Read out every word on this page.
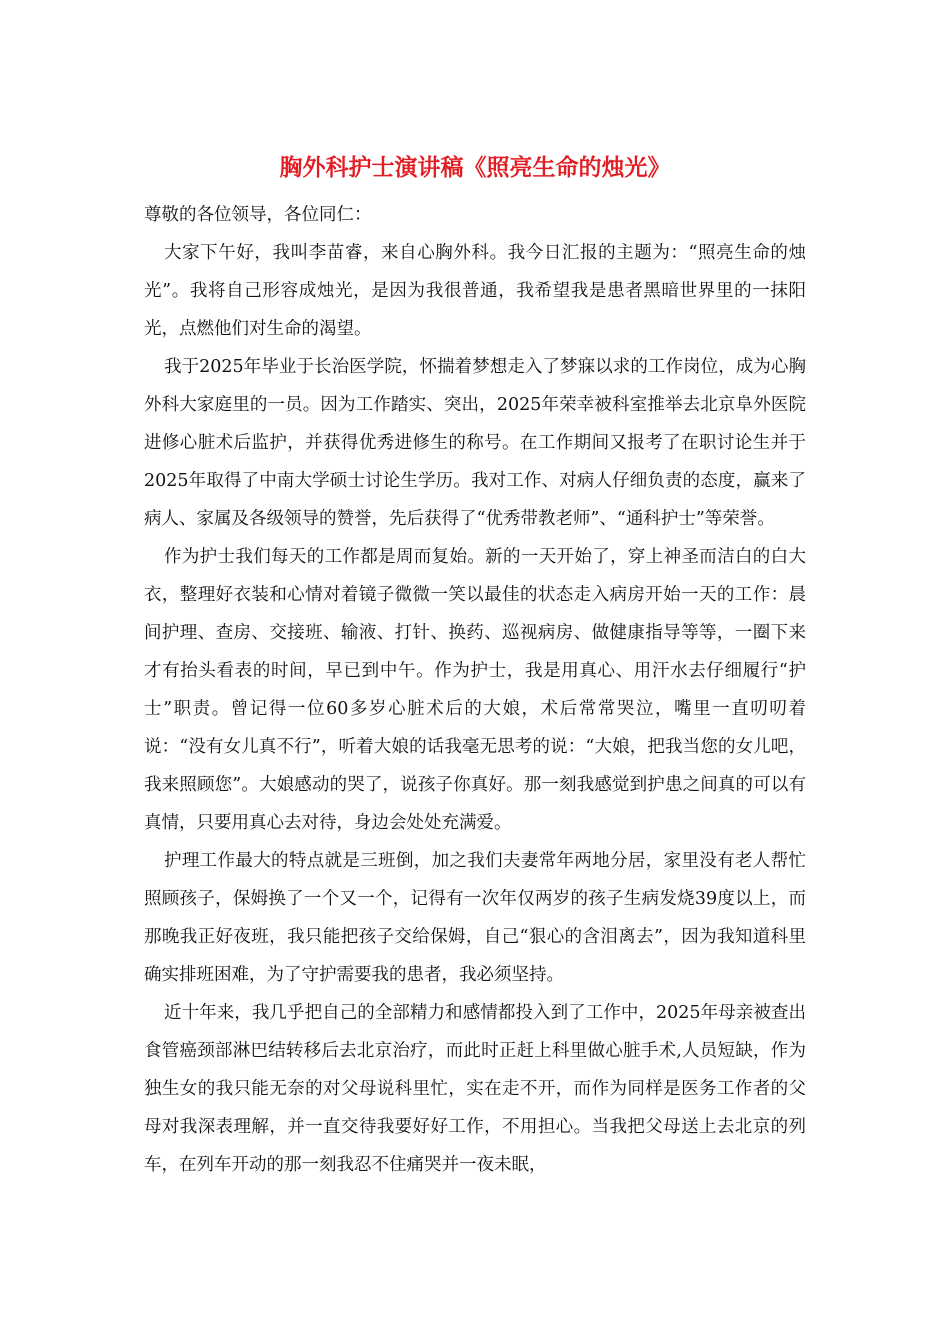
胸外科护士演讲稿《照亮生命的烛光》

尊敬的各位领导，各位同仁：

大家下午好，我叫李苗睿，来自心胸外科。我今日汇报的主题为：“照亮生命的烛光”。我将自己形容成烛光，是因为我很普通，我希望我是患者黑暗世界里的一抹阳光，点燃他们对生命的渴望。

我于2025年毕业于长治医学院，怀揣着梦想走入了梦寐以求的工作岗位，成为心胸外科大家庭里的一员。因为工作踏实、突出，2025年荣幸被科室推举去北京阜外医院进修心脏术后监护，并获得优秀进修生的称号。在工作期间又报考了在职讨论生并于2025年取得了中南大学硕士讨论生学历。我对工作、对病人仔细负责的态度，赢来了病人、家属及各级领导的赞誉，先后获得了“优秀带教老师”、“通科护士”等荣誉。

作为护士我们每天的工作都是周而复始。新的一天开始了，穿上神圣而洁白的白大衣，整理好衣装和心情对着镜子微微一笑以最佳的状态走入病房开始一天的工作：晨间护理、查房、交接班、输液、打针、换药、巡视病房、做健康指导等等，一圈下来才有抬头看表的时间，早已到中午。作为护士，我是用真心、用汗水去仔细履行“护士”职责。曾记得一位60多岁心脏术后的大娘，术后常常哭泣，嘴里一直叨叨着说：“没有女儿真不行”，听着大娘的话我毫无思考的说：“大娘，把我当您的女儿吧，我来照顾您”。大娘感动的哭了，说孩子你真好。那一刻我感觉到护患之间真的可以有真情，只要用真心去对待，身边会处处充满爱。

护理工作最大的特点就是三班倒，加之我们夫妻常年两地分居，家里没有老人帮忙照顾孩子，保姆换了一个又一个，记得有一次年仅两岁的孩子生病发烧39度以上，而那晚我正好夜班，我只能把孩子交给保姆，自己“狠心的含泪离去”，因为我知道科里确实排班困难，为了守护需要我的患者，我必须坚持。

近十年来，我几乎把自己的全部精力和感情都投入到了工作中，2025年母亲被查出食管癌颈部淋巴结转移后去北京治疗，而此时正赶上科里做心脏手术,人员短缺，作为独生女的我只能无奈的对父母说科里忙，实在走不开，而作为同样是医务工作者的父母对我深表理解，并一直交待我要好好工作，不用担心。当我把父母送上去北京的列车，在列车开动的那一刻我忍不住痛哭并一夜未眠，
